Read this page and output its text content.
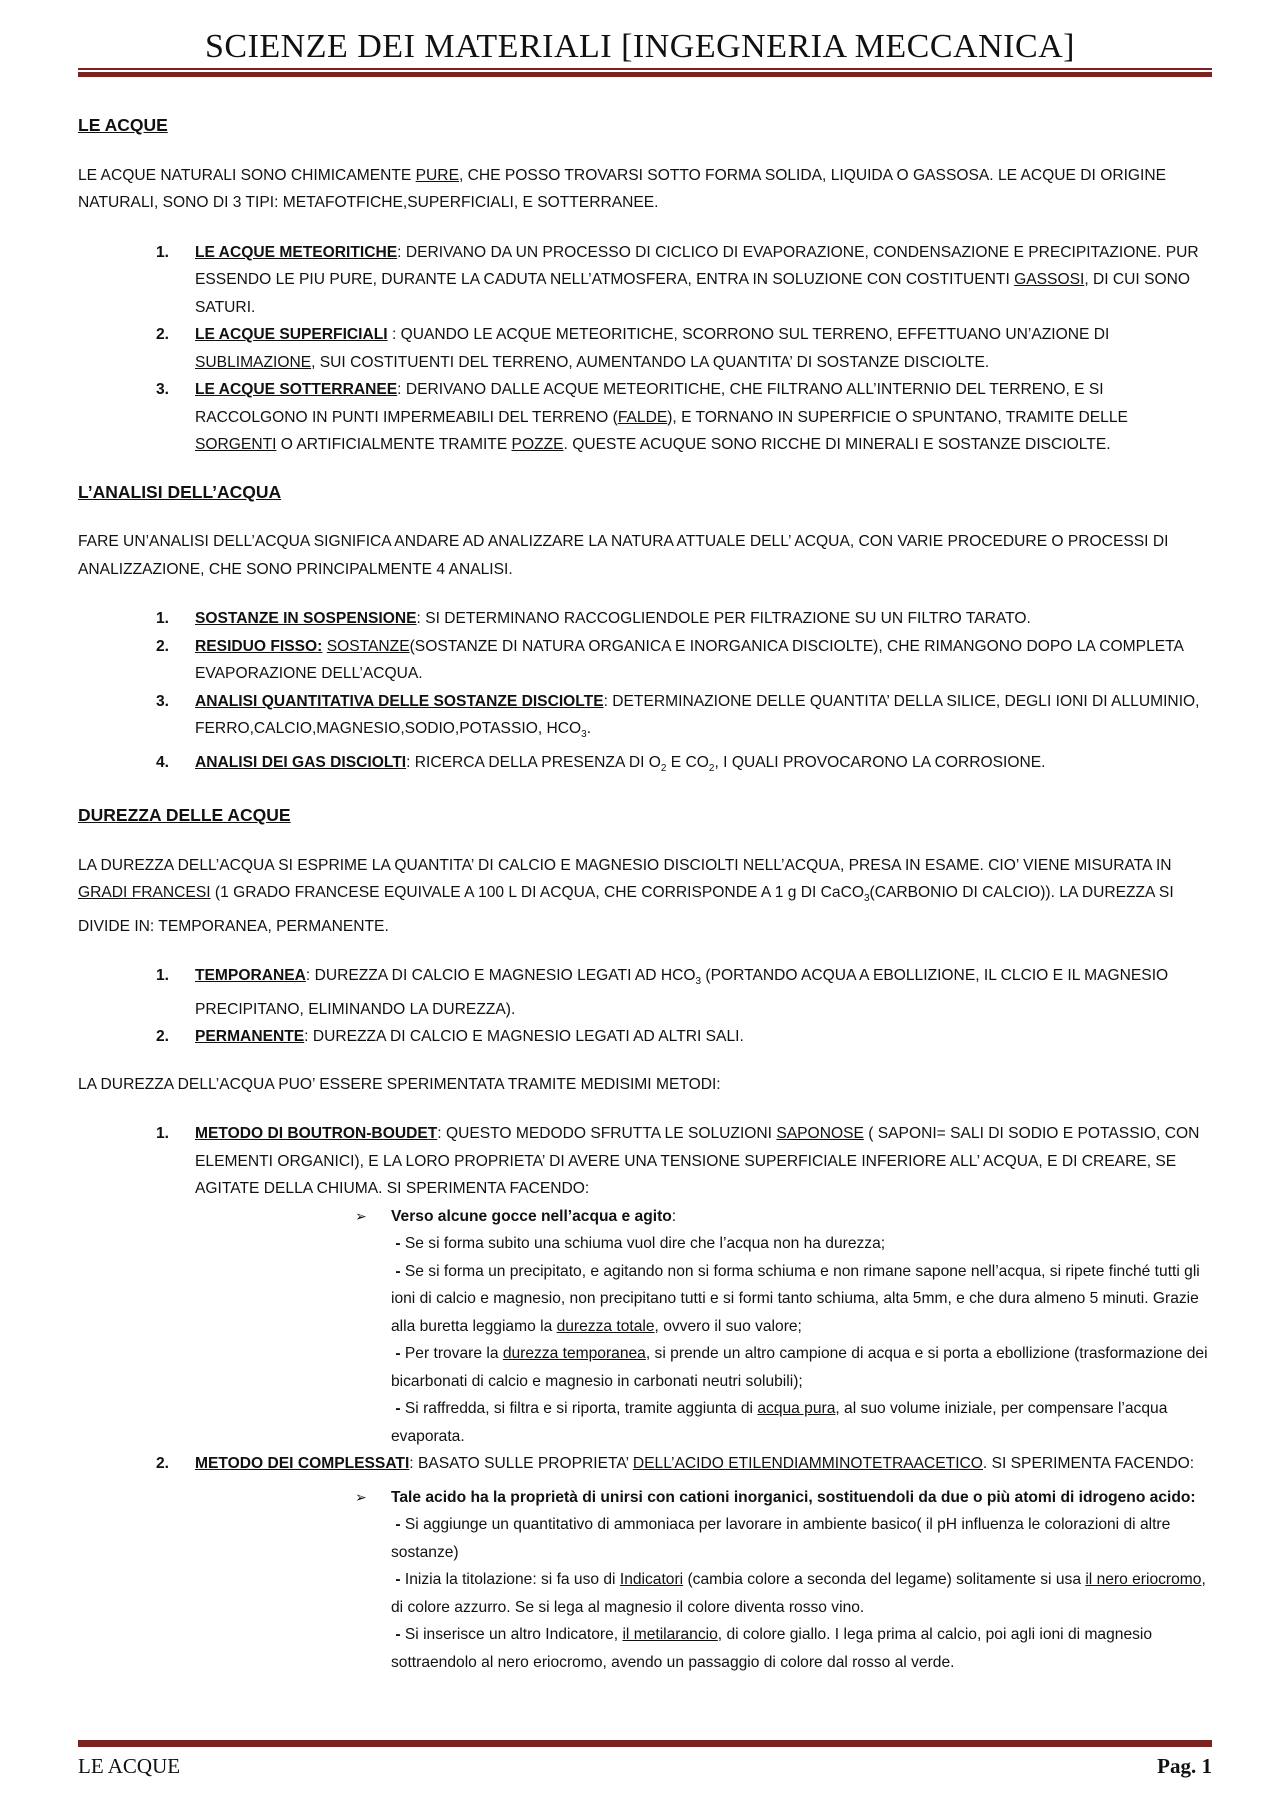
SCIENZE DEI MATERIALI [INGEGNERIA MECCANICA]
LE ACQUE

LE ACQUE NATURALI SONO CHIMICAMENTE PURE, CHE POSSO TROVARSI SOTTO FORMA SOLIDA, LIQUIDA O GASSOSA. LE ACQUE DI ORIGINE NATURALI, SONO DI 3 TIPI: METAFOTFICHE,SUPERFICIALI, E SOTTERRANEE.

1. LE ACQUE METEORITICHE: DERIVANO DA UN PROCESSO DI CICLICO DI EVAPORAZIONE, CONDENSAZIONE E PRECIPITAZIONE. PUR ESSENDO LE PIU PURE, DURANTE LA CADUTA NELL’ATMOSFERA, ENTRA IN SOLUZIONE CON COSTITUENTI GASSOSI, DI CUI SONO SATURI.
2. LE ACQUE SUPERFICIALI : QUANDO LE ACQUE METEORITICHE, SCORRONO SUL TERRENO, EFFETTUANO UN’AZIONE DI SUBLIMAZIONE, SUI COSTITUENTI DEL TERRENO, AUMENTANDO LA QUANTITA’ DI SOSTANZE DISCIOLTE.
3. LE ACQUE SOTTERRANEE: DERIVANO DALLE ACQUE METEORITICHE, CHE FILTRANO ALL’INTERNIO DEL TERRENO, E SI RACCOLGONO IN PUNTI IMPERMEABILI DEL TERRENO (FALDE), E TORNANO IN SUPERFICIE O SPUNTANO, TRAMITE DELLE SORGENTI O ARTIFICIALMENTE TRAMITE POZZE. QUESTE ACUQUE SONO RICCHE DI MINERALI E SOSTANZE DISCIOLTE.
L’ANALISI DELL’ACQUA

FARE UN’ANALISI DELL’ACQUA SIGNIFICA ANDARE AD ANALIZZARE LA NATURA ATTUALE DELL’ ACQUA, CON VARIE PROCEDURE O PROCESSI DI ANALIZZAZIONE, CHE SONO PRINCIPALMENTE 4 ANALISI.

1. SOSTANZE IN SOSPENSIONE: SI DETERMINANO RACCOGLIENDOLE PER FILTRAZIONE SU UN FILTRO TARATO.
2. RESIDUO FISSO: SOSTANZE(SOSTANZE DI NATURA ORGANICA E INORGANICA DISCIOLTE), CHE RIMANGONO DOPO LA COMPLETA EVAPORAZIONE DELL’ACQUA.
3. ANALISI QUANTITATIVA DELLE SOSTANZE DISCIOLTE: DETERMINAZIONE DELLE QUANTITA’ DELLA SILICE, DEGLI IONI DI ALLUMINIO, FERRO,CALCIO,MAGNESIO,SODIO,POTASSIO, $HCO_3$.
4. ANALISI DEI GAS DISCIOLTI: RICERCA DELLA PRESENZA DI $O_2$ E $CO_2$, I QUALI PROVOCARONO LA CORROSIONE.
DUREZZA DELLE ACQUE

LA DUREZZA DELL’ACQUA SI ESPRIME LA QUANTITA’ DI CALCIO E MAGNESIO DISCIOLTI NELL’ACQUA, PRESA IN ESAME. CIO’ VIENE MISURATA IN GRADI FRANCESI (1 GRADO FRANCESE EQUIVALE A 100 L DI ACQUA, CHE CORRISPONDE A 1 g DI CaCO$_3$(CARBONIO DI CALCIO)). LA DUREZZA SI DIVIDE IN: TEMPORANEA, PERMANENTE.

1. TEMPORANEA: DUREZZA DI CALCIO E MAGNESIO LEGATI AD $HCO_3$ (PORTANDO ACQUA A EBOLLIZIONE, IL CLCIO E IL MAGNESIO PRECIPITANO, ELIMINANDO LA DUREZZA).
2. PERMANENTE: DUREZZA DI CALCIO E MAGNESIO LEGATI AD ALTRI SALI.

LA DUREZZA DELL’ACQUA PUO’ ESSERE SPERIMENTATA TRAMITE MEDISIMI METODI:

1. METODO DI BOUTRON-BOUDET: QUESTO MEDODO SFRUTTA LE SOLUZIONI SAPONOSE ( SAPONI= SALI DI SODIO E POTASSIO, CON ELEMENTI ORGANICI), E LA LORO PROPRIETA’ DI AVERE UNA TENSIONE SUPERFICIALE INFERIORE ALL’ ACQUA, E DI CREARE, SE AGITATE DELLA CHIUMA. SI SPERIMENTA FACENDO:
➢ Verso alcune gocce nell’acqua e agito:
- Se si forma subito una schiuma vuol dire che l’acqua non ha durezza;
- Se si forma un precipitato, e agitando non si forma schiuma e non rimane sapone nell’acqua, si ripete finché tutti gli ioni di calcio e magnesio, non precipitano tutti e si formi tanto schiuma, alta 5mm, e che dura almeno 5 minuti. Grazie alla buretta leggiamo la durezza totale, ovvero il suo valore;
- Per trovare la durezza temporanea, si prende un altro campione di acqua e si porta a ebollizione (trasformazione dei bicarbonati di calcio e magnesio in carbonati neutri solubili);
- Si raffredda, si filtra e si riporta, tramite aggiunta di acqua pura, al suo volume iniziale, per compensare l’acqua evaporata.
2. METODO DEI COMPLESSATI: BASATO SULLE PROPRIETA’ DELL’ACIDO ETILENDIAMMINOTETRAACETICO. SI SPERIMENTA FACENDO:
➢ Tale acido ha la proprietà di unirsi con cationi inorganici, sostituendoli da due o più atomi di idrogeno acido:
- Si aggiunge un quantitativo di ammoniaca per lavorare in ambiente basico( il pH influenza le colorazioni di altre sostanze)
- Inizia la titolazione: si fa uso di Indicatori (cambia colore a seconda del legame) solitamente si usa il nero eriocromo, di colore azzurro. Se si lega al magnesio il colore diventa rosso vino.
- Si inserisce un altro Indicatore, il metilarancio, di colore giallo. I lega prima al calcio, poi agli ioni di magnesio sottraendolo al nero eriocromo, avendo un passaggio di colore dal rosso al verde.
LE ACQUE	Pag. 1
